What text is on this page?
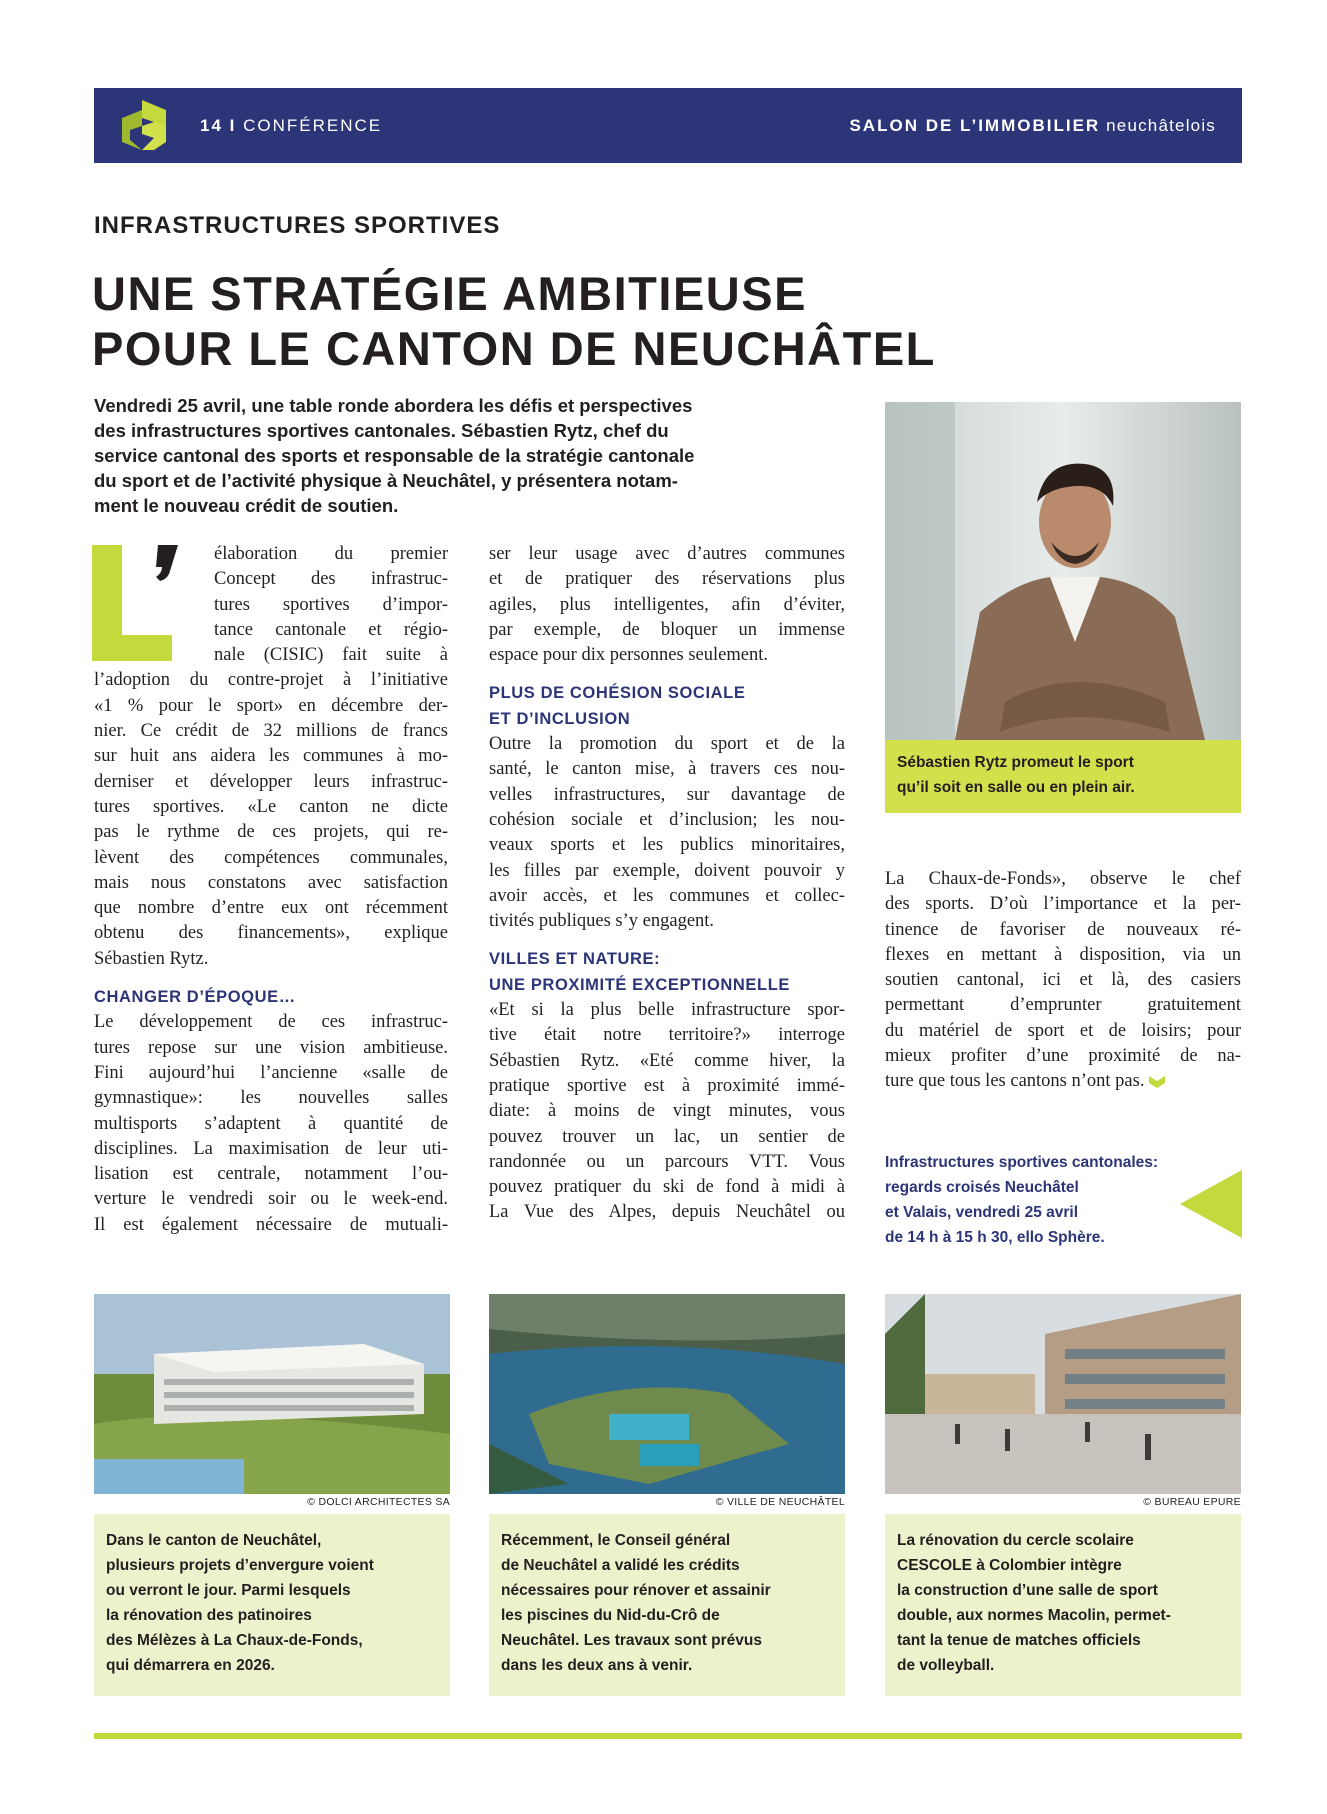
14 I CONFÉRENCE	SALON DE L’IMMOBILIER neuchâtelois
INFRASTRUCTURES SPORTIVES
UNE STRATÉGIE AMBITIEUSE
POUR LE CANTON DE NEUCHÂTEL
Vendredi 25 avril, une table ronde abordera les défis et perspectives
des infrastructures sportives cantonales. Sébastien Rytz, chef du
service cantonal des sports et responsable de la stratégie cantonale
du sport et de l’activité physique à Neuchâtel, y présentera notam-
ment le nouveau crédit de soutien.
élaboration du premier
Concept des infrastruc-
tures sportives d’impor-
tance cantonale et régio-
nale (CISIC) fait suite à
l’adoption du contre-projet à l’initiative
«1 % pour le sport» en décembre der-
nier. Ce crédit de 32 millions de francs
sur huit ans aidera les communes à mo-
derniser et développer leurs infrastruc-
tures sportives. «Le canton ne dicte
pas le rythme de ces projets, qui re-
lèvent des compétences communales,
mais nous constatons avec satisfaction
que nombre d’entre eux ont récemment
obtenu des financements», explique
Sébastien Rytz.
CHANGER D’ÉPOQUE…
Le développement de ces infrastruc-
tures repose sur une vision ambitieuse.
Fini aujourd’hui l’ancienne «salle de
gymnastique»: les nouvelles salles
multisports s’adaptent à quantité de
disciplines. La maximisation de leur uti-
lisation est centrale, notamment l’ou-
verture le vendredi soir ou le week-end.
Il est également nécessaire de mutuali-
ser leur usage avec d’autres communes
et de pratiquer des réservations plus
agiles, plus intelligentes, afin d’éviter,
par exemple, de bloquer un immense
espace pour dix personnes seulement.
PLUS DE COHÉSION SOCIALE
ET D’INCLUSION
Outre la promotion du sport et de la
santé, le canton mise, à travers ces nou-
velles infrastructures, sur davantage de
cohésion sociale et d’inclusion; les nou-
veaux sports et les publics minoritaires,
les filles par exemple, doivent pouvoir y
avoir accès, et les communes et collec-
tivités publiques s’y engagent.
VILLES ET NATURE:
UNE PROXIMITÉ EXCEPTIONNELLE
«Et si la plus belle infrastructure spor-
tive était notre territoire?» interroge
Sébastien Rytz. «Eté comme hiver, la
pratique sportive est à proximité immé-
diate: à moins de vingt minutes, vous
pouvez trouver un lac, un sentier de
randonnée ou un parcours VTT. Vous
pouvez pratiquer du ski de fond à midi à
La Vue des Alpes, depuis Neuchâtel ou
Sébastien Rytz promeut le sport
qu’il soit en salle ou en plein air.
La Chaux-de-Fonds», observe le chef
des sports. D’où l’importance et la per-
tinence de favoriser de nouveaux ré-
flexes en mettant à disposition, via un
soutien cantonal, ici et là, des casiers
permettant d’emprunter gratuitement
du matériel de sport et de loisirs; pour
mieux profiter d’une proximité de na-
ture que tous les cantons n’ont pas.
Infrastructures sportives cantonales:
regards croisés Neuchâtel
et Valais, vendredi 25 avril
de 14 h à 15 h 30, ello Sphère.
© DOLCI ARCHITECTES SA
Dans le canton de Neuchâtel,
plusieurs projets d’envergure voient
ou verront le jour. Parmi lesquels
la rénovation des patinoires
des Mélèzes à La Chaux-de-Fonds,
qui démarrera en 2026.
© VILLE DE NEUCHÂTEL
Récemment, le Conseil général
de Neuchâtel a validé les crédits
nécessaires pour rénover et assainir
les piscines du Nid-du-Crô de
Neuchâtel. Les travaux sont prévus
dans les deux ans à venir.
© BUREAU EPURE
La rénovation du cercle scolaire
CESCOLE à Colombier intègre
la construction d’une salle de sport
double, aux normes Macolin, permet-
tant la tenue de matches officiels
de volleyball.
